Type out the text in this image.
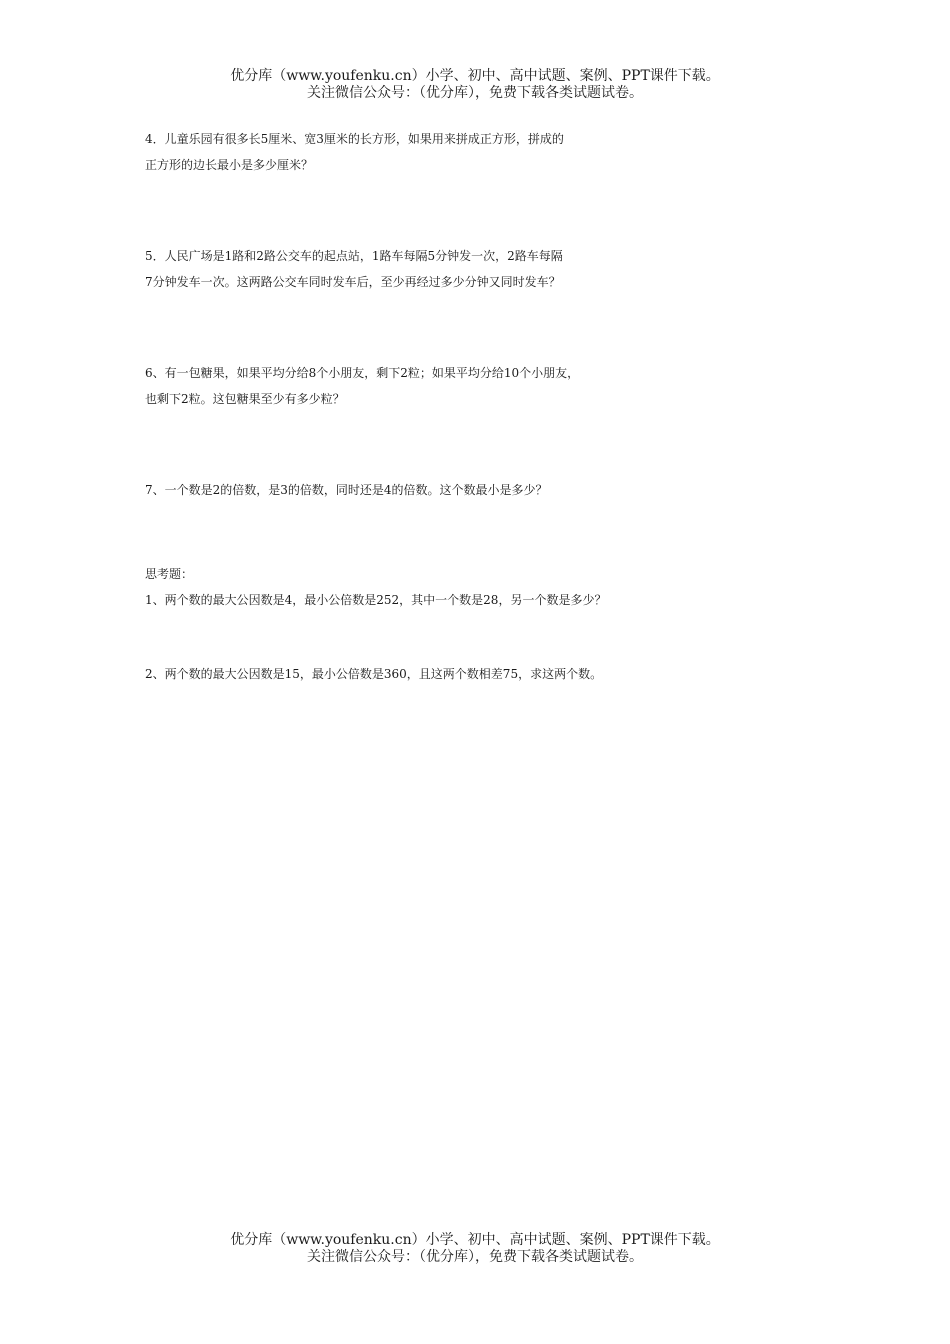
优分库（www.youfenku.cn）小学、初中、高中试题、案例、PPT课件下载。
关注微信公众号：（优分库），免费下载各类试题试卷。
4．儿童乐园有很多长5厘米、宽3厘米的长方形，如果用来拼成正方形，拼成的
正方形的边长最小是多少厘米？
5．人民广场是1路和2路公交车的起点站，1路车每隔5分钟发一次，2路车每隔
7分钟发车一次。这两路公交车同时发车后，至少再经过多少分钟又同时发车？
6、有一包糖果，如果平均分给8个小朋友，剩下2粒；如果平均分给10个小朋友，
也剩下2粒。这包糖果至少有多少粒？
7、一个数是2的倍数，是3的倍数，同时还是4的倍数。这个数最小是多少？
思考题：
1、两个数的最大公因数是4，最小公倍数是252，其中一个数是28，另一个数是多少？
2、两个数的最大公因数是15，最小公倍数是360，且这两个数相差75，求这两个数。
优分库（www.youfenku.cn）小学、初中、高中试题、案例、PPT课件下载。
关注微信公众号：（优分库），免费下载各类试题试卷。
